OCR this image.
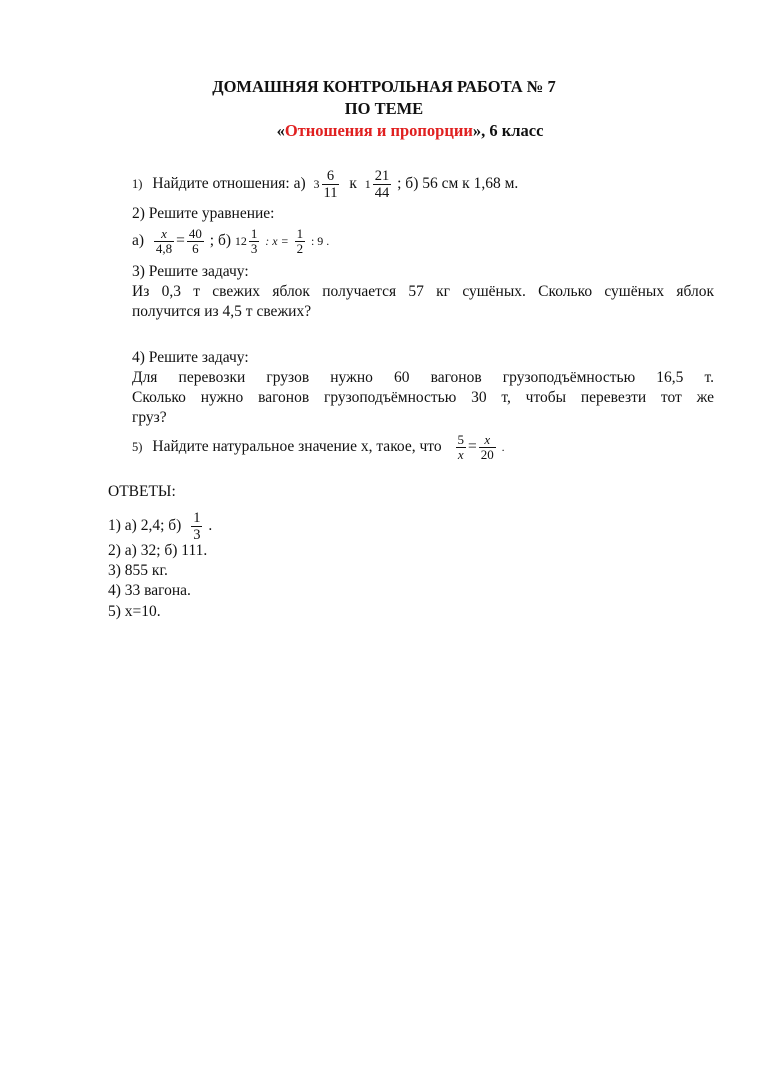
ДОМАШНЯЯ КОНТРОЛЬНАЯ РАБОТА № 7
ПО ТЕМЕ
«Отношения и пропорции», 6 класс
1) Найдите отношения: а) $3 \frac{6}{11}$ к $1 \frac{21}{44}$ ; б) 56 см к 1,68 м.
2) Решите уравнение:
$а) \frac{x}{4,8} = \frac{40}{6}$ ; б) $12 \frac{1}{3}$ : $x = \frac{1}{2}$ : 9 .
3) Решите задачу:
Из 0,3 т свежих яблок получается 57 кг сушёных. Сколько сушёных яблок
получится из 4,5 т свежих?
4) Решите задачу:
Для перевозки грузов нужно 60 вагонов грузоподъёмностью 16,5 т.
Сколько нужно вагонов грузоподъёмностью 30 т, чтобы перевезти тот же
груз?
5) Найдите натуральное значение x, такое, что $\frac{5}{x} = \frac{x}{20}$ .
ОТВЕТЫ:
1) а) 2,4; $б) \frac{1}{3}$ .
2) а) 32; б) 111.
3) 855 кг.
4) 33 вагона.
5) x=10.
